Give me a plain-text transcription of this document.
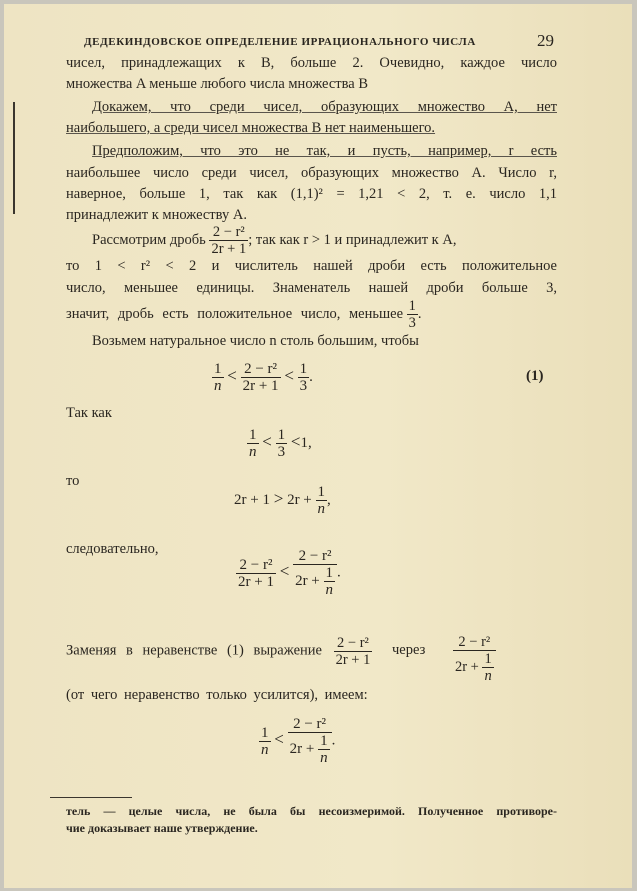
ДЕДЕКИНДОВСКОЕ ОПРЕДЕЛЕНИЕ ИРРАЦИОНАЛЬНОГО ЧИСЛА	29
чисел, принадлежащих к B, больше 2. Очевидно, каждое число
множества A меньше любого числа множества B
Докажем, что среди чисел, образующих множество A, нет
наибольшего, а среди чисел множества B нет наименьшего.
Предположим, что это не так, и пусть, например, r есть
наибольшее число среди чисел, образующих множество A. Число r,
наверное, больше 1, так как (1,1)² = 1,21 < 2, т. е. число 1,1
принадлежит к множеству A.
Рассмотрим дробь $\frac{\text{2 − r²}}{2r + 1}$ ; так как r > 1 и принадлежит к A,
то 1 < r² < 2 и числитель нашей дроби есть положительное
число, меньшее единицы. Знаменатель нашей дроби больше 3,
значит, дробь есть положительное число, меньшее $\frac{1}{3}$ .
Возьмем натуральное число n столь большим, чтобы
$\frac{1}{n} < \frac{\text{2 − r²}}{2r + 1} < \frac{1}{3}$ .	(1)
Так как
$\frac{1}{n} < \frac{1}{3} <1$,
то
$2r + 1 > 2r + \frac{1}{n}$ ,
следовательно,
$\frac{\text{2 − r²}}{2r + 1} < \frac{\text{2 − r²}}{2r + \frac{1}{n}}$ .
Заменяя в неравенстве (1) выражение $\frac{\text{2 − r²}}{2r + 1}$ через $\frac{\text{2 − r²}}{2r + \frac{1}{n}}$
(от чего неравенство только усилится), имеем:
$\frac{1}{n} < \frac{\text{2 − r²}}{2r + \frac{1}{n}}$ .
тель — целые числа, не была бы несоизмеримой. Полученное противоре-
чие доказывает наше утверждение.
